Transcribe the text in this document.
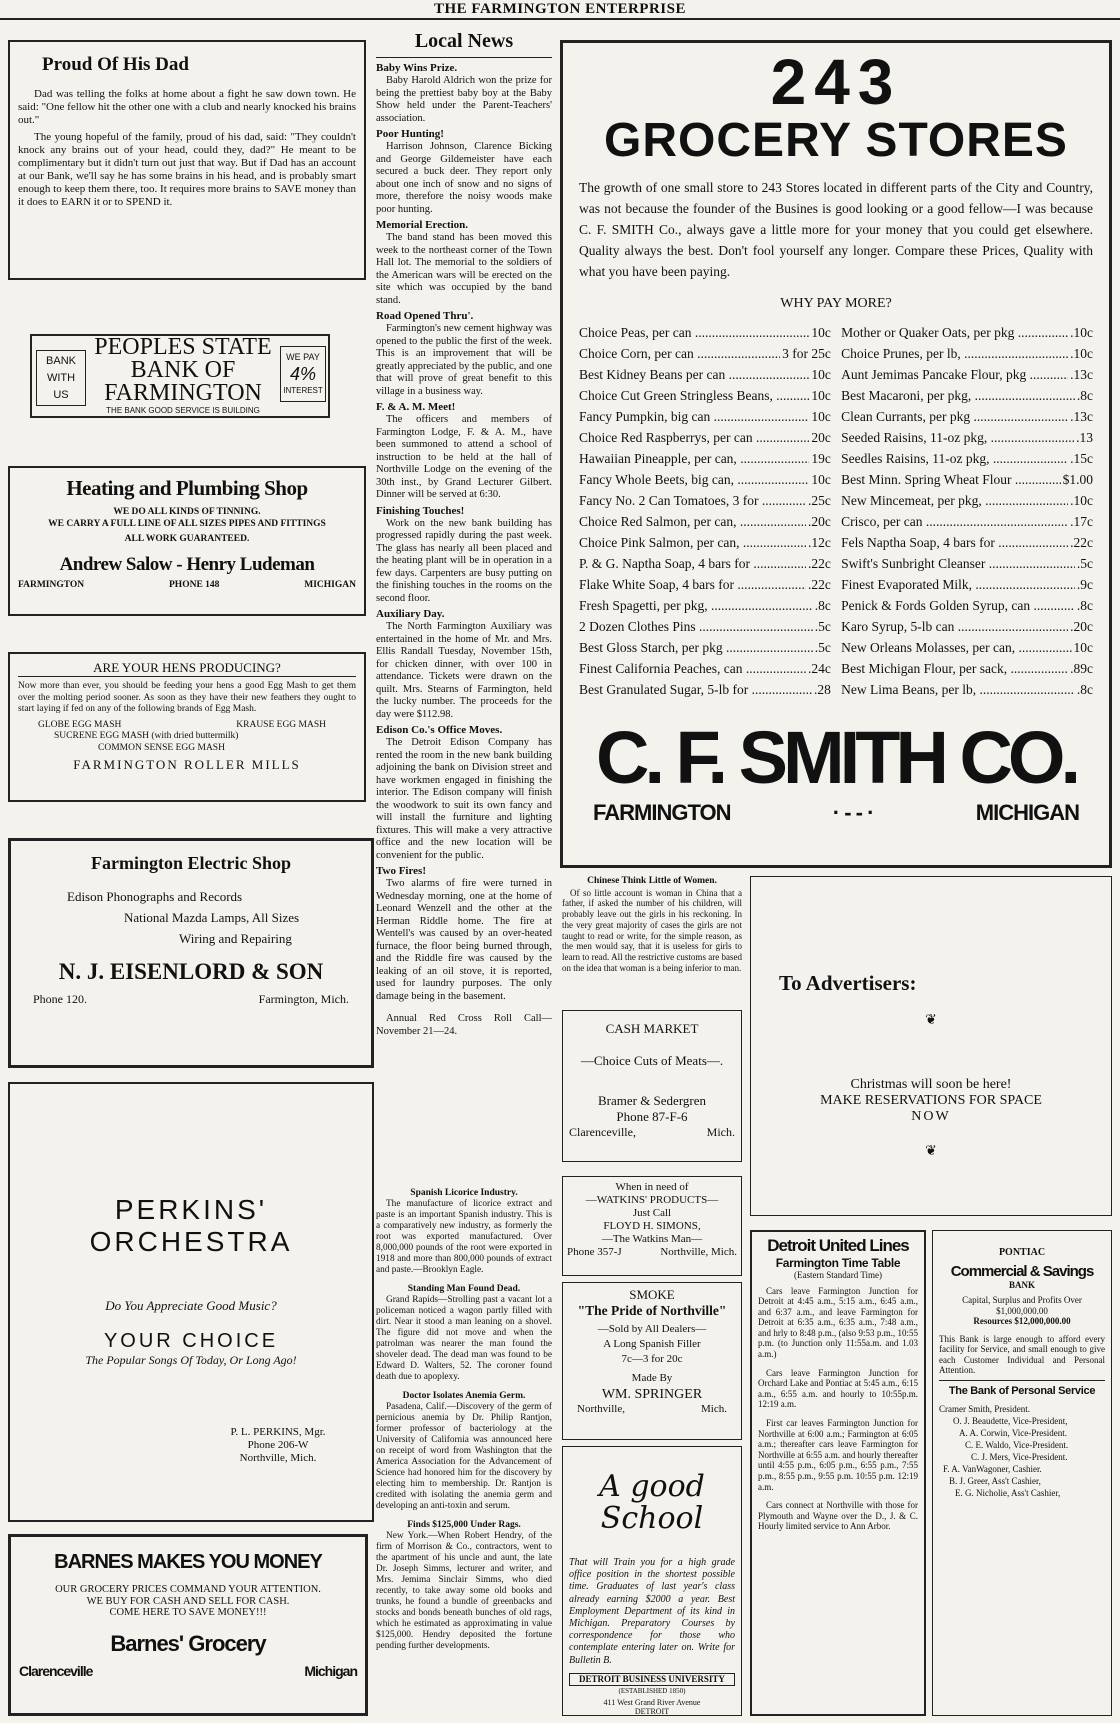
THE FARMINGTON ENTERPRISE
Proud Of His Dad

Dad was telling the folks at home about a fight he saw down town. He said: "One fellow hit the other one with a club and nearly knocked his brains out."

The young hopeful of the family, proud of his dad, said: "They couldn't knock any brains out of your head, could they, dad?" He meant to be complimentary but it didn't turn out just that way. But if Dad has an account at our Bank, we'll say he has some brains in his head, and is probably smart enough to keep them there, too. It requires more brains to SAVE money than it does to EARN it or to SPEND it.

BANK
WITH
US
PEOPLES STATE
BANK OF
FARMINGTON
WE PAY
4%
INTEREST
THE BANK GOOD SERVICE IS BUILDING
Heating and Plumbing Shop
WE DO ALL KINDS OF TINNING.
WE CARRY A FULL LINE OF ALL SIZES PIPES AND FITTINGS
ALL WORK GUARANTEED.
Andrew Salow - Henry Ludeman
FARMINGTON	PHONE 148	MICHIGAN
ARE YOUR HENS PRODUCING?

Now more than ever, you should be feeding your hens a good Egg Mash to get them over the molting period sooner. As soon as they have their new feathers they ought to start laying if fed on any of the following brands of Egg Mash.

GLOBE EGG MASH	KRAUSE EGG MASH
SUCRENE EGG MASH (with dried buttermilk)
COMMON SENSE EGG MASH
FARMINGTON ROLLER MILLS
Farmington Electric Shop
Edison Phonographs and Records
National Mazda Lamps, All Sizes
Wiring and Repairing
N. J. EISENLORD & SON
Phone 120.	Farmington, Mich.
PERKINS'
ORCHESTRA
Do You Appreciate Good Music?
YOUR CHOICE
The Popular Songs Of Today, Or Long Ago!
P. L. PERKINS, Mgr.
Phone 206-W
Northville, Mich.
BARNES MAKES YOU MONEY
OUR GROCERY PRICES COMMAND YOUR ATTENTION.
WE BUY FOR CASH AND SELL FOR CASH.
COME HERE TO SAVE MONEY!!!
Barnes' Grocery
Clarenceville	Michigan
Local News
Baby Wins Prize.
Baby Harold Aldrich won the prize for being the prettiest baby boy at the Baby Show held under the Parent-Teachers' association.
Poor Hunting!
Harrison Johnson, Clarence Bicking and George Gildemeister have each secured a buck deer. They report only about one inch of snow and no signs of more, therefore the noisy woods make poor hunting.
Memorial Erection.
The band stand has been moved this week to the northeast corner of the Town Hall lot. The memorial to the soldiers of the American wars will be erected on the site which was occupied by the band stand.
Road Opened Thru'.
Farmington's new cement highway was opened to the public the first of the week. This is an improvement that will be greatly appreciated by the public, and one that will prove of great benefit to this village in a business way.
F. & A. M. Meet!
The officers and members of Farmington Lodge, F. & A. M., have been summoned to attend a school of instruction to be held at the hall of Northville Lodge on the evening of the 30th inst., by Grand Lecturer Gilbert. Dinner will be served at 6:30.
Finishing Touches!
Work on the new bank building has progressed rapidly during the past week. The glass has nearly all been placed and the heating plant will be in operation in a few days. Carpenters are busy putting on the finishing touches in the rooms on the second floor.
Auxiliary Day.
The North Farmington Auxiliary was entertained in the home of Mr. and Mrs. Ellis Randall Tuesday, November 15th, for chicken dinner, with over 100 in attendance. Tickets were drawn on the quilt. Mrs. Stearns of Farmington, held the lucky number. The proceeds for the day were $112.98.
Edison Co.'s Office Moves.
The Detroit Edison Company has rented the room in the new bank building adjoining the bank on Division street and have workmen engaged in finishing the interior. The Edison company will finish the woodwork to suit its own fancy and will install the furniture and lighting fixtures. This will make a very attractive office and the new location will be convenient for the public.
Two Fires!
Two alarms of fire were turned in Wednesday morning, one at the home of Leonard Wenzell and the other at the Herman Riddle home. The fire at Wentell's was caused by an over-heated furnace, the floor being burned through, and the Riddle fire was caused by the leaking of an oil stove, it is reported, used for laundry purposes. The only damage being in the basement.
Annual Red Cross Roll Call—November 21—24.
Spanish Licorice Industry.
The manufacture of licorice extract and paste is an important Spanish industry. This is a comparatively new industry, as formerly the root was exported manufactured. Over 8,000,000 pounds of the root were exported in 1918 and more than 800,000 pounds of extract and paste.—Brooklyn Eagle.
Standing Man Found Dead.
Grand Rapids—Strolling past a vacant lot a policeman noticed a wagon partly filled with dirt. Near it stood a man leaning on a shovel. The figure did not move and when the patrolman was nearer the man found the shoveler dead. The dead man was found to be Edward D. Walters, 52. The coroner found death due to apoplexy.
Doctor Isolates Anemia Germ.
Pasadena, Calif.—Discovery of the germ of pernicious anemia by Dr. Philip Rantjon, former professor of bacteriology at the University of California was announced here on receipt of word from Washington that the America Association for the Advancement of Science had honored him for the discovery by electing him to membership. Dr. Rantjon is credited with isolating the anemia germ and developing an anti-toxin and serum.
Finds $125,000 Under Rags.
New York.—When Robert Hendry, of the firm of Morrison & Co., contractors, went to the apartment of his uncle and aunt, the late Dr. Joseph Simms, lecturer and writer, and Mrs. Jemima Sinclair Simms, who died recently, to take away some old books and trunks, he found a bundle of greenbacks and stocks and bonds beneath bunches of old rags, which he estimated as approximating in value $125,000. Hendry deposited the fortune pending further developments.
243
GROCERY STORES

The growth of one small store to 243 Stores located in different parts of the City and Country, was not because the founder of the Busines is good looking or a good fellow—I was because C. F. SMITH Co., always gave a little more for your money that you could get elsewhere. Quality always the best. Don't fool yourself any longer. Compare these Prices, Quality with what you have been paying.

WHY PAY MORE?
Choice Peas, per can .....	10c
Choice Corn, per can .....	3 for 25c
Best Kidney Beans per can .....	10c
Choice Cut Green Stringless Beans, .....	10c
Fancy Pumpkin, big can .....	10c
Choice Red Raspberrys, per can .....	20c
Hawaiian Pineapple, per can, .....	19c
Fancy Whole Beets, big can, .....	10c
Fancy No. 2 Can Tomatoes, 3 for .....	.25c
Choice Red Salmon, per can, .....	.20c
Choice Pink Salmon, per can, .....	.12c
P. & G. Naptha Soap, 4 bars for .....	.22c
Flake White Soap, 4 bars for .....	.22c
Fresh Spagetti, per pkg, .....	.8c
2 Dozen Clothes Pins .....	.5c
Best Gloss Starch, per pkg .....	.5c
Finest California Peaches, can .....	.24c
Best Granulated Sugar, 5-lb for .....	.28
Mother or Quaker Oats, per pkg .....	.10c
Choice Prunes, per lb, .....	.10c
Aunt Jemimas Pancake Flour, pkg .....	.13c
Best Macaroni, per pkg, .....	.8c
Clean Currants, per pkg .....	.13c
Seeded Raisins, 11-oz pkg, .....	.13
Seedles Raisins, 11-oz pkg, .....	.15c
Best Minn. Spring Wheat Flour .....	$1.00
New Mincemeat, per pkg, .....	.10c
Crisco, per can .....	.17c
Fels Naptha Soap, 4 bars for .....	.22c
Swift's Sunbright Cleanser .....	.5c
Finest Evaporated Milk, .....	.9c
Penick & Fords Golden Syrup, can .....	.8c
Karo Syrup, 5-lb can .....	.20c
New Orleans Molasses, per can, .....	10c
Best Michigan Flour, per sack, .....	.89c
New Lima Beans, per lb, .....	.8c
C. F. SMITH CO.
FARMINGTON	· - - ·	MICHIGAN
Chinese Think Little of Women.
Of so little account is woman in China that a father, if asked the number of his children, will probably leave out the girls in his reckoning. In the very great majority of cases the girls are not taught to read or write, for the simple reason, as the men would say, that it is useless for girls to learn to read. All the restrictive customs are based on the idea that woman is a being inferior to man.
CASH MARKET
—Choice Cuts of Meats—.
Bramer & Sedergren
Phone 87-F-6
Clarenceville,	Mich.
When in need of
—WATKINS' PRODUCTS—
Just Call
FLOYD H. SIMONS,
—The Watkins Man—
Phone 357-J	Northville, Mich.
SMOKE
"The Pride of Northville"
—Sold by All Dealers—
A Long Spanish Filler
7c—3 for 20c
Made By
WM. SPRINGER
Northville,	Mich.
A good School
That will Train you for a high grade office position in the shortest possible time. Graduates of last year's class already earning $2000 a year. Best Employment Department of its kind in Michigan. Preparatory Courses by correspondence for those who contemplate entering later on. Write for Bulletin B.
DETROIT BUSINESS UNIVERSITY
(ESTABLISHED 1850)
411 West Grand River Avenue
DETROIT
To Advertisers:
❦
Christmas will soon be here!
MAKE RESERVATIONS FOR SPACE
NOW
❦
Detroit United Lines
Farmington Time Table
(Eastern Standard Time)
Cars leave Farmington Junction for Detroit at 4:45 a.m., 5:15 a.m., 6:45 a.m., and 6:37 a.m., and leave Farmington for Detroit at 6:35 a.m., 6:35 a.m., 7:48 a.m., and hrly to 8:48 p.m., (also 9:53 p.m., 10:55 p.m. (to Junction only 11:55a.m. and 1.03 a.m.)
Cars leave Farmington Junction for Orchard Lake and Pontiac at 5:45 a.m., 6:15 a.m., 6:55 a.m. and hourly to 10:55p.m. 12:19 a.m.
First car leaves Farmington Junction for Northville at 6:00 a.m.; Farmington at 6:05 a.m.; thereafter cars leave Farmington for Northville at 6:55 a.m. and hourly thereafter until 4:55 p.m., 6:05 p.m., 6:55 p.m., 7:55 p.m., 8:55 p.m., 9:55 p.m. 10:55 p.m. 12:19 a.m.
Cars connect at Northville with those for Plymouth and Wayne over the D., J. & C. Hourly limited service to Ann Arbor.
PONTIAC
Commercial & Savings
BANK
Capital, Surplus and Profits Over $1,000,000.00
Resources $12,000,000.00
This Bank is large enough to afford every facility for Service, and small enough to give each Customer Individual and Personal Attention.
The Bank of Personal Service
Cramer Smith, President.
O. J. Beaudette, Vice-President,
A. A. Corwin, Vice-President.
C. E. Waldo, Vice-President.
C. J. Mers, Vice-President.
F. A. VanWagoner, Cashier.
B. J. Greer, Ass't Cashier,
E. G. Nicholie, Ass't Cashier,
